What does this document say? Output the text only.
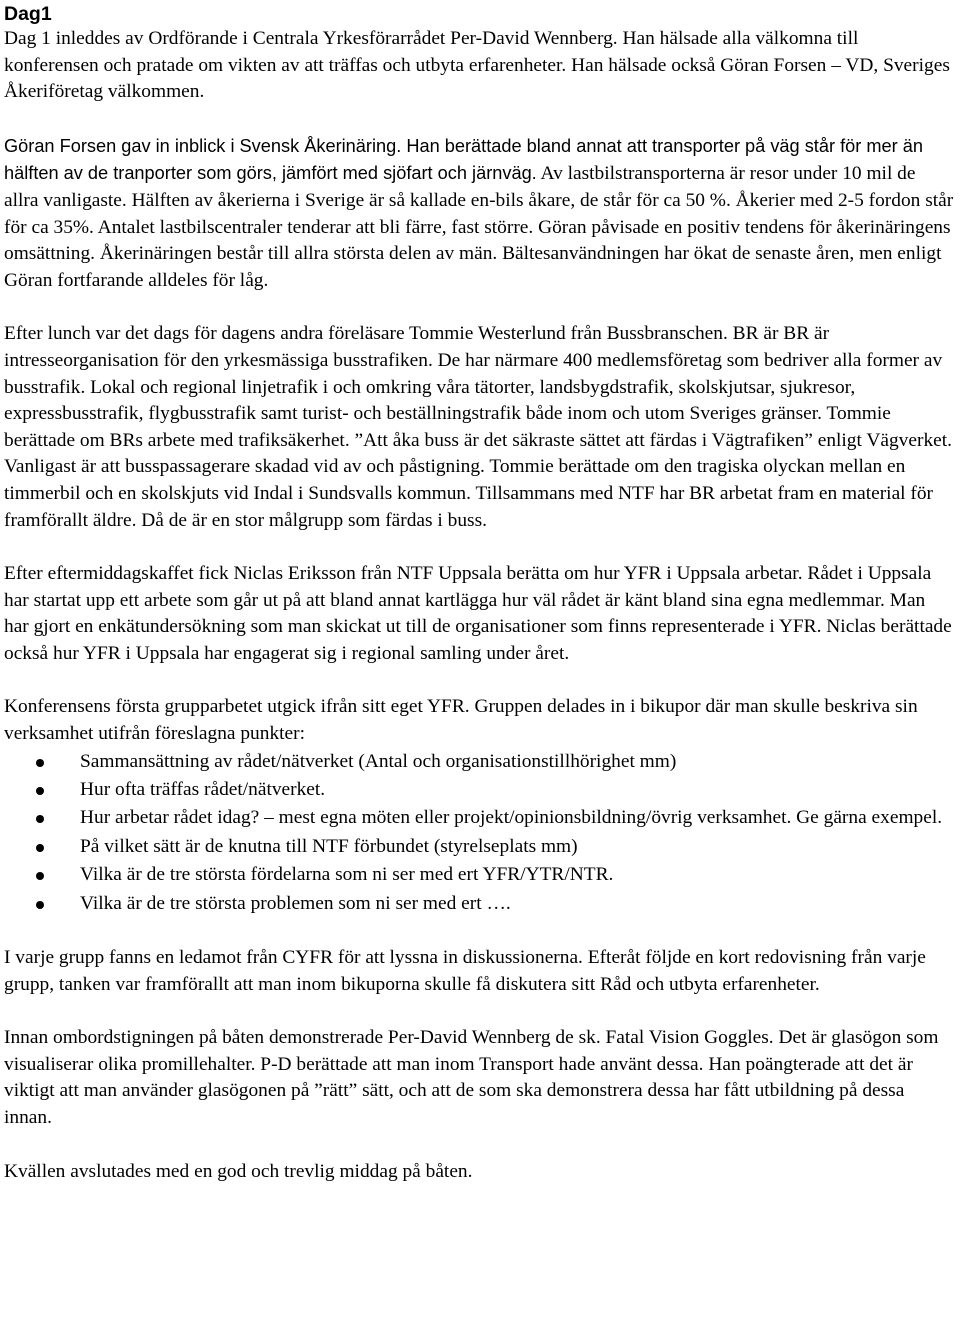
Dag1

Dag 1 inleddes av Ordförande i Centrala Yrkesförarrådet Per-David Wennberg. Han hälsade alla välkomna till konferensen och pratade om vikten av att träffas och utbyta erfarenheter. Han hälsade också Göran Forsen – VD, Sveriges Åkeriföretag välkommen.

Göran Forsen gav in inblick i Svensk Åkerinäring. Han berättade bland annat att transporter på väg står för mer än hälften av de tranporter som görs, jämfört med sjöfart och järnväg. Av lastbilstransporterna är resor under 10 mil de allra vanligaste. Hälften av åkerierna i Sverige är så kallade en-bils åkare, de står för ca 50 %. Åkerier med 2-5 fordon står för ca 35%. Antalet lastbilscentraler tenderar att bli färre, fast större. Göran påvisade en positiv tendens för åkerinäringens omsättning. Åkerinäringen består till allra största delen av män. Bältesanvändningen har ökat de senaste åren, men enligt Göran fortfarande alldeles för låg.

Efter lunch var det dags för dagens andra föreläsare Tommie Westerlund från Bussbranschen. BR är BR är intresseorganisation för den yrkesmässiga busstrafiken. De har närmare 400 medlemsföretag som bedriver alla former av busstrafik. Lokal och regional linjetrafik i och omkring våra tätorter, landsbygdstrafik, skolskjutsar, sjukresor, expressbusstrafik, flygbusstrafik samt turist- och beställningstrafik både inom och utom Sveriges gränser. Tommie berättade om BRs arbete med trafiksäkerhet. ”Att åka buss är det säkraste sättet att färdas i Vägtrafiken” enligt Vägverket. Vanligast är att busspassagerare skadad vid av och påstigning. Tommie berättade om den tragiska olyckan mellan en timmerbil och en skolskjuts vid Indal i Sundsvalls kommun. Tillsammans med NTF har BR arbetat fram en material för framförallt äldre. Då de är en stor målgrupp som färdas i buss.

Efter eftermiddagskaffet fick Niclas Eriksson från NTF Uppsala berätta om hur YFR i Uppsala arbetar. Rådet i Uppsala har startat upp ett arbete som går ut på att bland annat kartlägga hur väl rådet är känt bland sina egna medlemmar. Man har gjort en enkätundersökning som man skickat ut till de organisationer som finns representerade i YFR. Niclas berättade också hur YFR i Uppsala har engagerat sig i regional samling under året.

Konferensens första grupparbetet utgick ifrån sitt eget YFR. Gruppen delades in i bikupor där man skulle beskriva sin verksamhet utifrån föreslagna punkter:

Sammansättning av rådet/nätverket (Antal och organisationstillhörighet mm)
Hur ofta träffas rådet/nätverket.
Hur arbetar rådet idag? – mest egna möten eller projekt/opinionsbildning/övrig verksamhet. Ge gärna exempel.
På vilket sätt är de knutna till NTF förbundet (styrelseplats mm)
Vilka är de tre största fördelarna som ni ser med ert YFR/YTR/NTR.
Vilka är de tre största problemen som ni ser med ert ….

I varje grupp fanns en ledamot från CYFR för att lyssna in diskussionerna. Efteråt följde en kort redovisning från varje grupp, tanken var framförallt att man inom bikuporna skulle få diskutera sitt Råd och utbyta erfarenheter.

Innan ombordstigningen på båten demonstrerade Per-David Wennberg de sk. Fatal Vision Goggles. Det är glasögon som visualiserar olika promillehalter. P-D berättade att man inom Transport hade använt dessa. Han poängterade att det är viktigt att man använder glasögonen på ”rätt” sätt, och att de som ska demonstrera dessa har fått utbildning på dessa innan.

Kvällen avslutades med en god och trevlig middag på båten.
